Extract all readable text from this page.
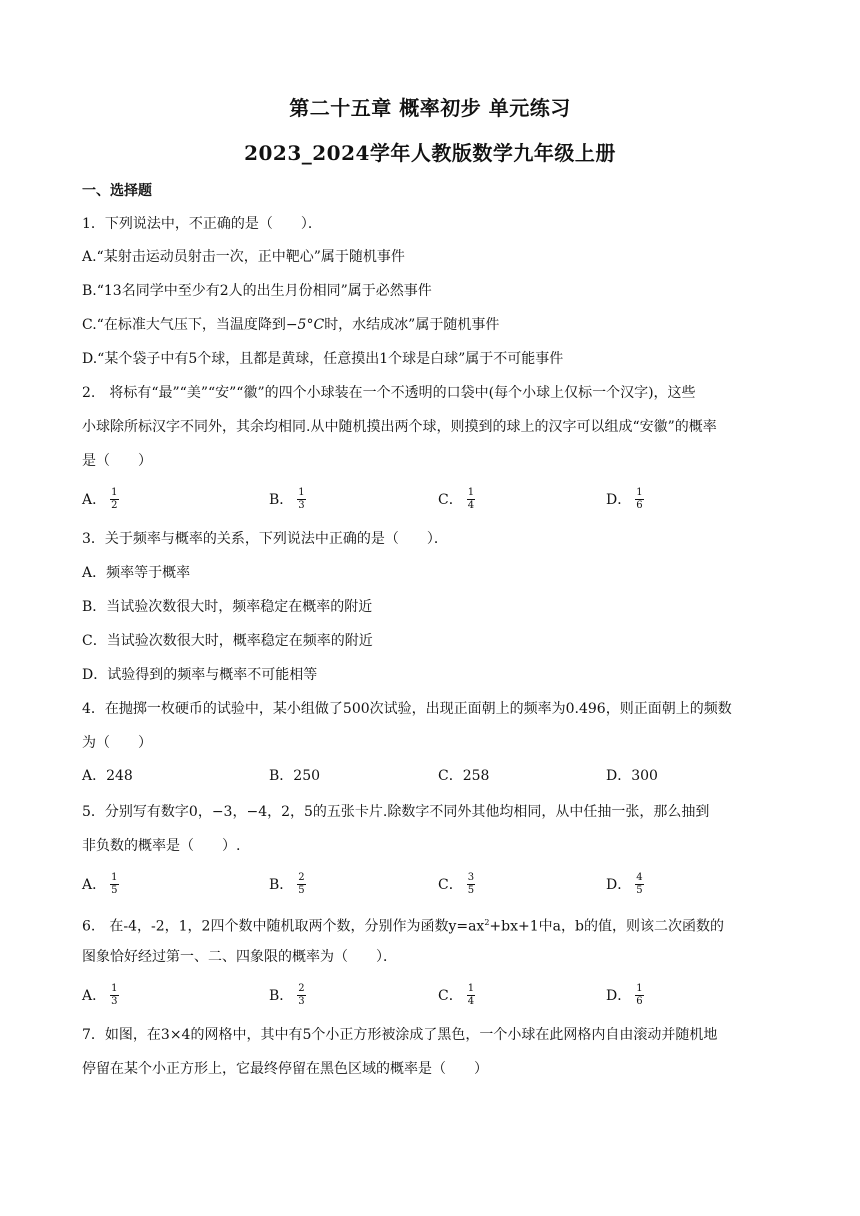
第二十五章 概率初步 单元练习
2023_2024学年人教版数学九年级上册
一、选择题
1．下列说法中，不正确的是（　　）．
A.“某射击运动员射击一次，正中靶心”属于随机事件
B.“13名同学中至少有2人的出生月份相同”属于必然事件
C.“在标准大气压下，当温度降到−5°C时，水结成冰”属于随机事件
D.“某个袋子中有5个球，且都是黄球，任意摸出1个球是白球”属于不可能事件
2.　将标有“最”“美”“安”“徽”的四个小球装在一个不透明的口袋中(每个小球上仅标一个汉字)，这些
小球除所标汉字不同外，其余均相同.从中随机摸出两个球，则摸到的球上的汉字可以组成“安徽”的概率
是（　　）
A． $\frac{1}{2}$	B． $\frac{1}{3}$	C． $\frac{1}{4}$	D． $\frac{1}{6}$
3．关于频率与概率的关系，下列说法中正确的是（　　）．
A．频率等于概率
B．当试验次数很大时，频率稳定在概率的附近
C．当试验次数很大时，概率稳定在频率的附近
D．试验得到的频率与概率不可能相等
4．在抛掷一枚硬币的试验中，某小组做了500次试验，出现正面朝上的频率为0.496，则正面朝上的频数
为（　　）
A．248	B．250	C．258	D．300
5．分别写有数字0，−3，−4，2，5的五张卡片.除数字不同外其他均相同，从中任抽一张，那么抽到
非负数的概率是（　　）.
A． $\frac{1}{5}$	B． $\frac{2}{5}$	C． $\frac{3}{5}$	D． $\frac{4}{5}$
6.　在-4，-2，1，2四个数中随机取两个数，分别作为函数$y=ax^2+bx+1$中a，b的值，则该二次函数的
图象恰好经过第一、二、四象限的概率为（　　）．
A． $\frac{1}{3}$	B． $\frac{2}{3}$	C． $\frac{1}{4}$	D． $\frac{1}{6}$
7．如图，在3×4的网格中，其中有5个小正方形被涂成了黑色，一个小球在此网格内自由滚动并随机地
停留在某个小正方形上，它最终停留在黑色区域的概率是（　　）
